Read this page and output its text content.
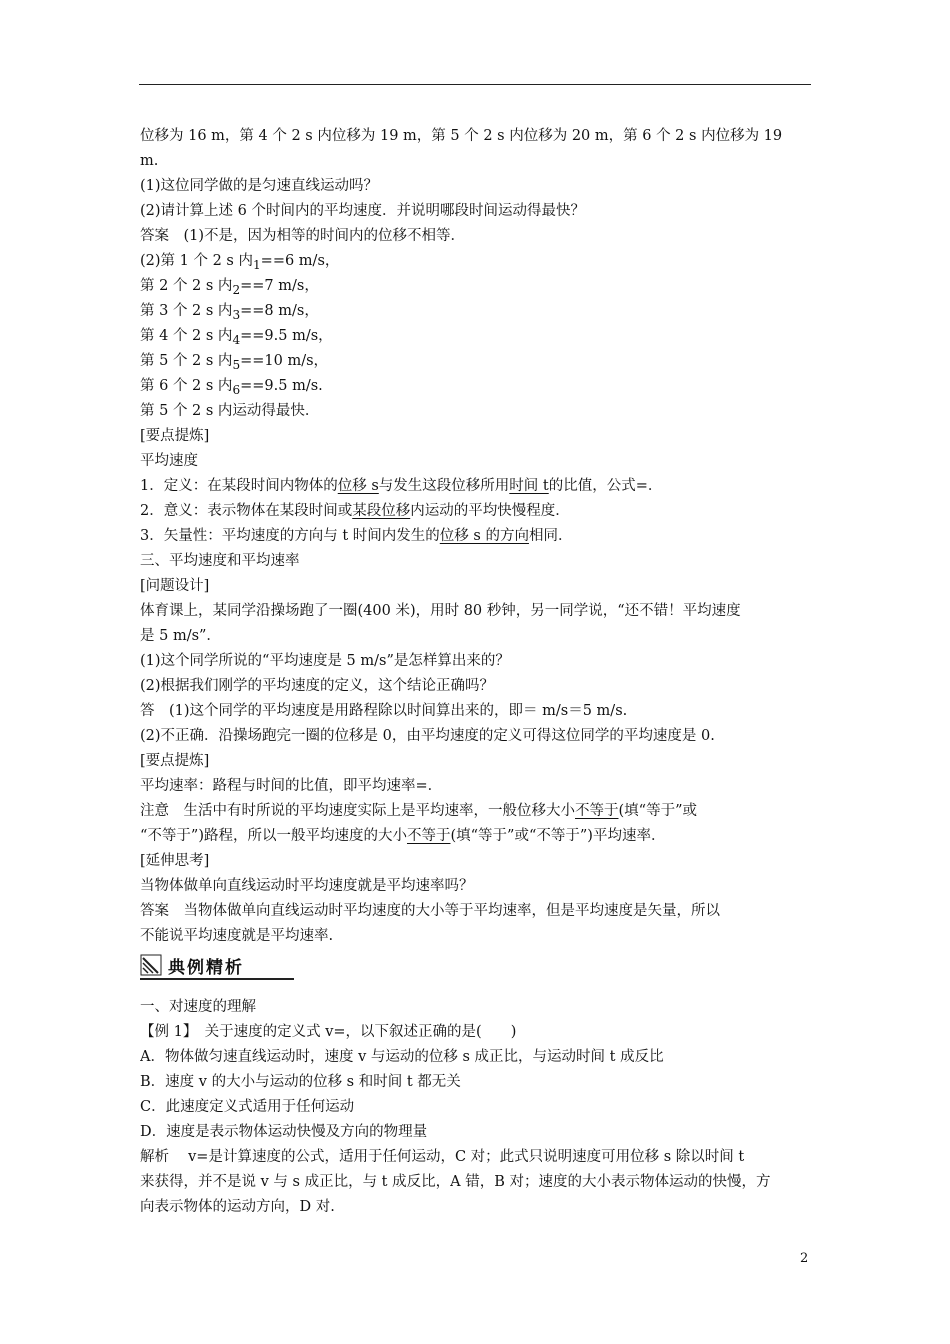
位移为 16 m，第 4 个 2 s 内位移为 19 m，第 5 个 2 s 内位移为 20 m，第 6 个 2 s 内位移为 19
m.
(1)这位同学做的是匀速直线运动吗？
(2)请计算上述 6 个时间内的平均速度．并说明哪段时间运动得最快？
答案　(1)不是，因为相等的时间内的位移不相等．
(2)第 1 个 2 s 内$_1$==6 m/s，
第 2 个 2 s 内$_2$==7 m/s，
第 3 个 2 s 内$_3$==8 m/s，
第 4 个 2 s 内$_4$==9.5 m/s，
第 5 个 2 s 内$_5$==10 m/s，
第 6 个 2 s 内$_6$==9.5 m/s.
第 5 个 2 s 内运动得最快．
[要点提炼]
平均速度
1．定义：在某段时间内物体的位移 s与发生这段位移所用时间 t的比值，公式=．
2．意义：表示物体在某段时间或某段位移内运动的平均快慢程度．
3．矢量性：平均速度的方向与 t 时间内发生的位移 s 的方向相同．
三、平均速度和平均速率
[问题设计]
体育课上，某同学沿操场跑了一圈(400 米)，用时 80 秒钟，另一同学说，“还不错！平均速度
是 5 m/s”．
(1)这个同学所说的“平均速度是 5 m/s”是怎样算出来的？
(2)根据我们刚学的平均速度的定义，这个结论正确吗？
答　(1)这个同学的平均速度是用路程除以时间算出来的，即＝ m/s＝5 m/s.
(2)不正确．沿操场跑完一圈的位移是 0，由平均速度的定义可得这位同学的平均速度是 0.
[要点提炼]
平均速率：路程与时间的比值，即平均速率=．
注意　生活中有时所说的平均速度实际上是平均速率，一般位移大小不等于(填“等于”或
“不等于”)路程，所以一般平均速度的大小不等于(填“等于”或“不等于”)平均速率．
[延伸思考]
当物体做单向直线运动时平均速度就是平均速率吗？
答案　当物体做单向直线运动时平均速度的大小等于平均速率，但是平均速度是矢量，所以
不能说平均速度就是平均速率.
典例精析
一、对速度的理解
【例 1】　关于速度的定义式 v=，以下叙述正确的是(　　)
A．物体做匀速直线运动时，速度 v 与运动的位移 s 成正比，与运动时间 t 成反比
B．速度 v 的大小与运动的位移 s 和时间 t 都无关
C．此速度定义式适用于任何运动
D．速度是表示物体运动快慢及方向的物理量
解析　 v=是计算速度的公式，适用于任何运动，C 对；此式只说明速度可用位移 s 除以时间 t
来获得，并不是说 v 与 s 成正比，与 t 成反比，A 错，B 对；速度的大小表示物体运动的快慢，方
向表示物体的运动方向，D 对.
2
